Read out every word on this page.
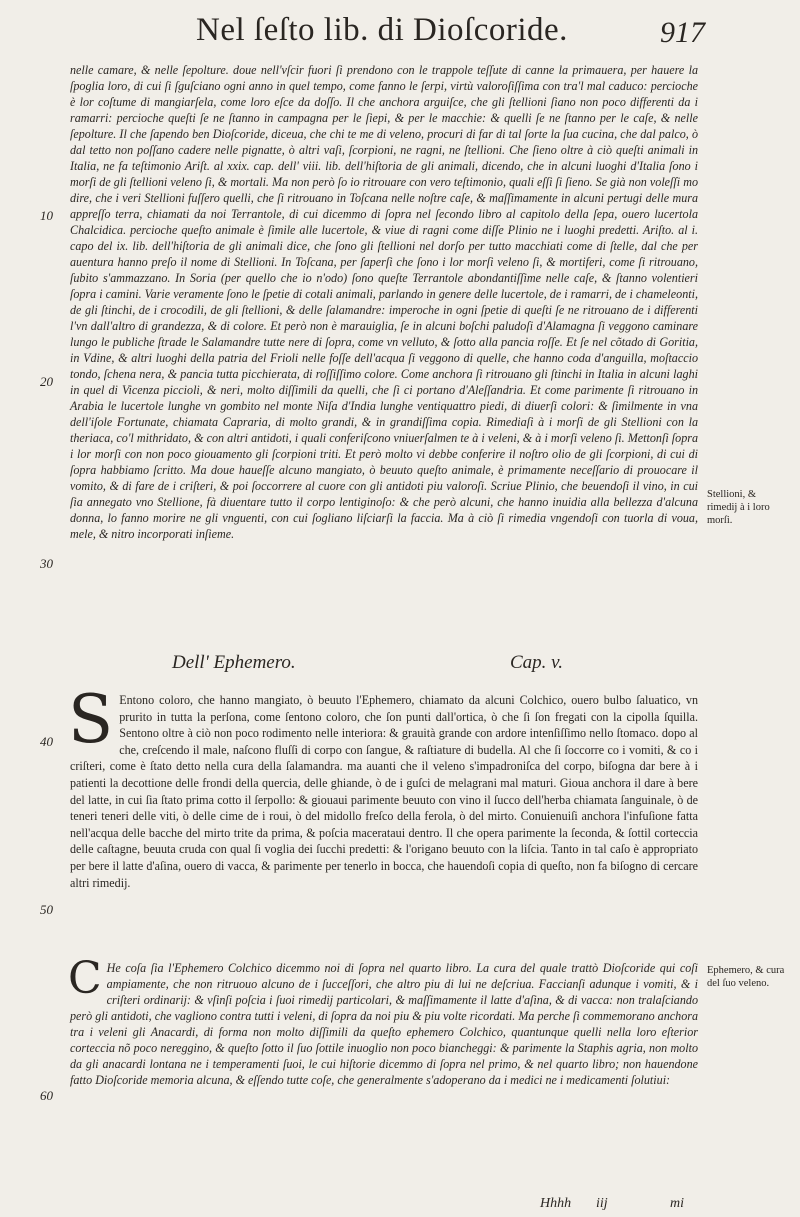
Nel ſeſto lib. di Dioſcoride.	917

nelle camare, & nelle ſepolture. doue nell'vſcir fuori ſi prendono con le trappole teſſute di canne la primauera, per hauere la ſpoglia loro, di cui ſi ſguſciano ogni anno in quel tempo, come fanno le ſerpi, virtù valoroſiſſima con tra'l mal caduco: percioche è lor coſtume di mangiarſela, come loro eſce da doſſo. Il che anchora arguiſce, che gli ſtellioni ſiano non poco differenti da i ramarri: percioche queſti ſe ne ſtanno in campagna per le ſiepi, & per le macchie: & quelli ſe ne ſtanno per le caſe, & nelle ſepolture. Il che ſapendo ben Dioſcoride, diceua, che chi te me di veleno, procuri di far di tal ſorte la ſua cucina, che dal palco, ò dal tetto non poſſano cadere nelle pignatte, ò altri vaſi, ſcorpioni, ne ragni, ne ſtellioni. Che ſieno oltre à ciò queſti animali in Italia, ne fa teſtimonio Ariſt. al xxix. cap. dell' viii. lib. dell'hiſtoria de gli animali, dicendo, che in alcuni luoghi d'Italia ſono i morſi de gli ſtellioni veleno ſi, & mortali. Ma non però ſo io ritrouare con vero teſtimonio, quali eſſi ſi ſieno. Se già non voleſſi mo dire, che i veri Stellioni fuſſero quelli, che ſi ritrouano in Toſcana nelle noſtre caſe, & maſſimamente in alcuni pertugi delle mura appreſſo terra, chiamati da noi Terrantole, di cui dicemmo di ſopra nel ſecondo libro al capitolo della ſepa, ouero lucertola Chalcidica. percioche queſto animale è ſimile alle lucertole, & viue di ragni come diſſe Plinio ne i luoghi predetti. Ariſto. al i. capo del ix. lib. dell'hiſtoria de gli animali dice, che ſono gli ſtellioni nel dorſo per tutto macchiati come di ſtelle, dal che per auentura hanno preſo il nome di Stellioni. In Toſcana, per ſaperſi che ſono i lor morſi veleno ſi, & mortiferi, come ſi ritrouano, ſubito s'ammazzano. In Soria (per quello che io n'odo) ſono queſte Terrantole abondantiſſime nelle caſe, & ſtanno volentieri ſopra i camini. Varie veramente ſono le ſpetie di cotali animali, parlando in genere delle lucertole, de i ramarri, de i chameleonti, de gli ſtinchi, de i crocodili, de gli ſtellioni, & delle ſalamandre: imperoche in ogni ſpetie di queſti ſe ne ritrouano de i differenti l'vn dall'altro di grandezza, & di colore. Et però non è marauiglia, ſe in alcuni boſchi paludoſi d'Alamagna ſi veggono caminare lungo le publiche ſtrade le Salamandre tutte nere di ſopra, come vn velluto, & ſotto alla pancia roſſe. Et ſe nel cõtado di Goritia, in Vdine, & altri luoghi della patria del Frioli nelle foſſe dell'acqua ſi veggono di quelle, che hanno coda d'anguilla, moſtaccio tondo, ſchena nera, & pancia tutta picchierata, di roſſiſſimo colore. Come anchora ſi ritrouano gli ſtinchi in Italia in alcuni laghi in quel di Vicenza piccioli, & neri, molto diſſimili da quelli, che ſi ci portano d'Aleſſandria. Et come parimente ſi ritrouano in Arabia le lucertole lunghe vn gombito nel monte Niſa d'India lunghe ventiquattro piedi, di diuerſi colori: & ſimilmente in vna dell'iſole Fortunate, chiamata Capraria, di molto grandi, & in grandiſſima copia. Rimediaſi à i morſi de gli Stellioni con la theriaca, co'l mithridato, & con altri antidoti, i quali conferiſcono vniuerſalmen te à i veleni, & à i morſi veleno ſi. Mettonſi ſopra i lor morſi con non poco giouamento gli ſcorpioni triti. Et però molto vi debbe conferire il noſtro olio de gli ſcorpioni, di cui di ſopra habbiamo ſcritto. Ma doue haueſſe alcuno mangiato, ò beuuto queſto animale, è primamente neceſſario di prouocare il vomito, & di fare de i criſteri, & poi ſoccorrere al cuore con gli antidoti piu valoroſi. Scriue Plinio, che beuendoſi il vino, in cui ſia annegato vno Stellione, fà diuentare tutto il corpo lentiginoſo: & che però alcuni, che hanno inuidia alla bellezza d'alcuna donna, lo fanno morire ne gli vnguenti, con cui ſogliano liſciarſi la faccia. Ma à ciò ſi rimedia vngendoſi con tuorla di voua, mele, & nitro incorporati inſieme.

10
20
30
40
50
60
Stellioni, & rimedij à i loro morſi.
Dell' Ephemero.	Cap. v.
S Entono coloro, che hanno mangiato, ò beuuto l'Ephemero, chiamato da alcuni Colchico, ouero bulbo ſaluatico, vn prurito in tutta la perſona, come ſentono coloro, che ſon punti dall'ortica, ò che ſi ſon fregati con la cipolla ſquilla. Sentono oltre à ciò non poco rodimento nelle interiora: & grauità grande con ardore intenſiſſimo nello ſtomaco. dopo al che, creſcendo il male, naſcono fluſſi di corpo con ſangue, & raſtiature di budella. Al che ſi ſoccorre co i vomiti, & co i criſteri, come è ſtato detto nella cura della ſalamandra. ma auanti che il veleno s'impadroniſca del corpo, biſogna dar bere à i patienti la decottione delle frondi della quercia, delle ghiande, ò de i guſci de melagrani mal maturi. Gioua anchora il dare à bere del latte, in cui ſia ſtato prima cotto il ſerpollo: & giouaui parimente beuuto con vino il ſucco dell'herba chiamata ſanguinale, ò de teneri teneri delle viti, ò delle cime de i roui, ò del midollo freſco della ferola, ò del mirto. Conuienuiſi anchora l'infuſione fatta nell'acqua delle bacche del mirto trite da prima, & poſcia macerataui dentro. Il che opera parimente la ſeconda, & ſottil corteccia delle caſtagne, beuuta cruda con qual ſi voglia dei ſucchi predetti: & l'origano beuuto con la liſcia. Tanto in tal caſo è appropriato per bere il latte d'aſina, ouero di vacca, & parimente per tenerlo in bocca, che hauendoſi copia di queſto, non fa biſogno di cercare altri rimedij.
Ephemero, & cura del ſuo veleno.
C He coſa ſia l'Ephemero Colchico dicemmo noi di ſopra nel quarto libro. La cura del quale trattò Dioſcoride qui coſi ampiamente, che non ritruouo alcuno de i ſucceſſori, che altro piu di lui ne deſcriua. Faccianſi adunque i vomiti, & i criſteri ordinarij: & vſinſi poſcia i ſuoi rimedij particolari, & maſſimamente il latte d'aſina, & di vacca: non tralaſciando però gli antidoti, che vagliono contra tutti i veleni, di ſopra da noi piu & piu volte ricordati. Ma perche ſi commemorano anchora tra i veleni gli Anacardi, di forma non molto diſſimili da queſto ephemero Colchico, quantunque quelli nella loro eſterior corteccia nõ poco nereggino, & queſto ſotto il ſuo ſottile inuoglio non poco biancheggi: & parimente la Staphis agria, non molto da gli anacardi lontana ne i temperamenti ſuoi, le cui hiſtorie dicemmo di ſopra nel primo, & nel quarto libro; non hauendone fatto Dioſcoride memoria alcuna, & eſſendo tutte coſe, che generalmente s'adoperano da i medici ne i medicamenti ſolutiui:
Hhhh iij	mi
